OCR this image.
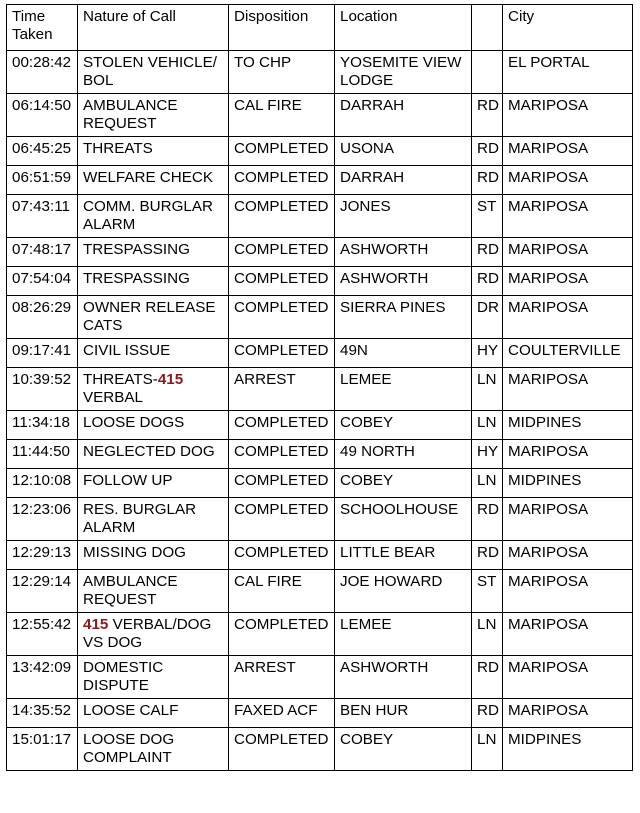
Time Taken	Nature of Call	Disposition	Location		City
00:28:42	STOLEN VEHICLE/ BOL	TO CHP	YOSEMITE VIEW LODGE		EL PORTAL
06:14:50	AMBULANCE REQUEST	CAL FIRE	DARRAH	RD	MARIPOSA
06:45:25	THREATS	COMPLETED	USONA	RD	MARIPOSA
06:51:59	WELFARE CHECK	COMPLETED	DARRAH	RD	MARIPOSA
07:43:11	COMM. BURGLAR ALARM	COMPLETED	JONES	ST	MARIPOSA
07:48:17	TRESPASSING	COMPLETED	ASHWORTH	RD	MARIPOSA
07:54:04	TRESPASSING	COMPLETED	ASHWORTH	RD	MARIPOSA
08:26:29	OWNER RELEASE CATS	COMPLETED	SIERRA PINES	DR	MARIPOSA
09:17:41	CIVIL ISSUE	COMPLETED	49N	HY	COULTERVILLE
10:39:52	THREATS-415 VERBAL	ARREST	LEMEE	LN	MARIPOSA
11:34:18	LOOSE DOGS	COMPLETED	COBEY	LN	MIDPINES
11:44:50	NEGLECTED DOG	COMPLETED	49 NORTH	HY	MARIPOSA
12:10:08	FOLLOW UP	COMPLETED	COBEY	LN	MIDPINES
12:23:06	RES. BURGLAR ALARM	COMPLETED	SCHOOLHOUSE	RD	MARIPOSA
12:29:13	MISSING DOG	COMPLETED	LITTLE BEAR	RD	MARIPOSA
12:29:14	AMBULANCE REQUEST	CAL FIRE	JOE HOWARD	ST	MARIPOSA
12:55:42	415 VERBAL/DOG VS DOG	COMPLETED	LEMEE	LN	MARIPOSA
13:42:09	DOMESTIC DISPUTE	ARREST	ASHWORTH	RD	MARIPOSA
14:35:52	LOOSE CALF	FAXED ACF	BEN HUR	RD	MARIPOSA
15:01:17	LOOSE DOG COMPLAINT	COMPLETED	COBEY	LN	MIDPINES
